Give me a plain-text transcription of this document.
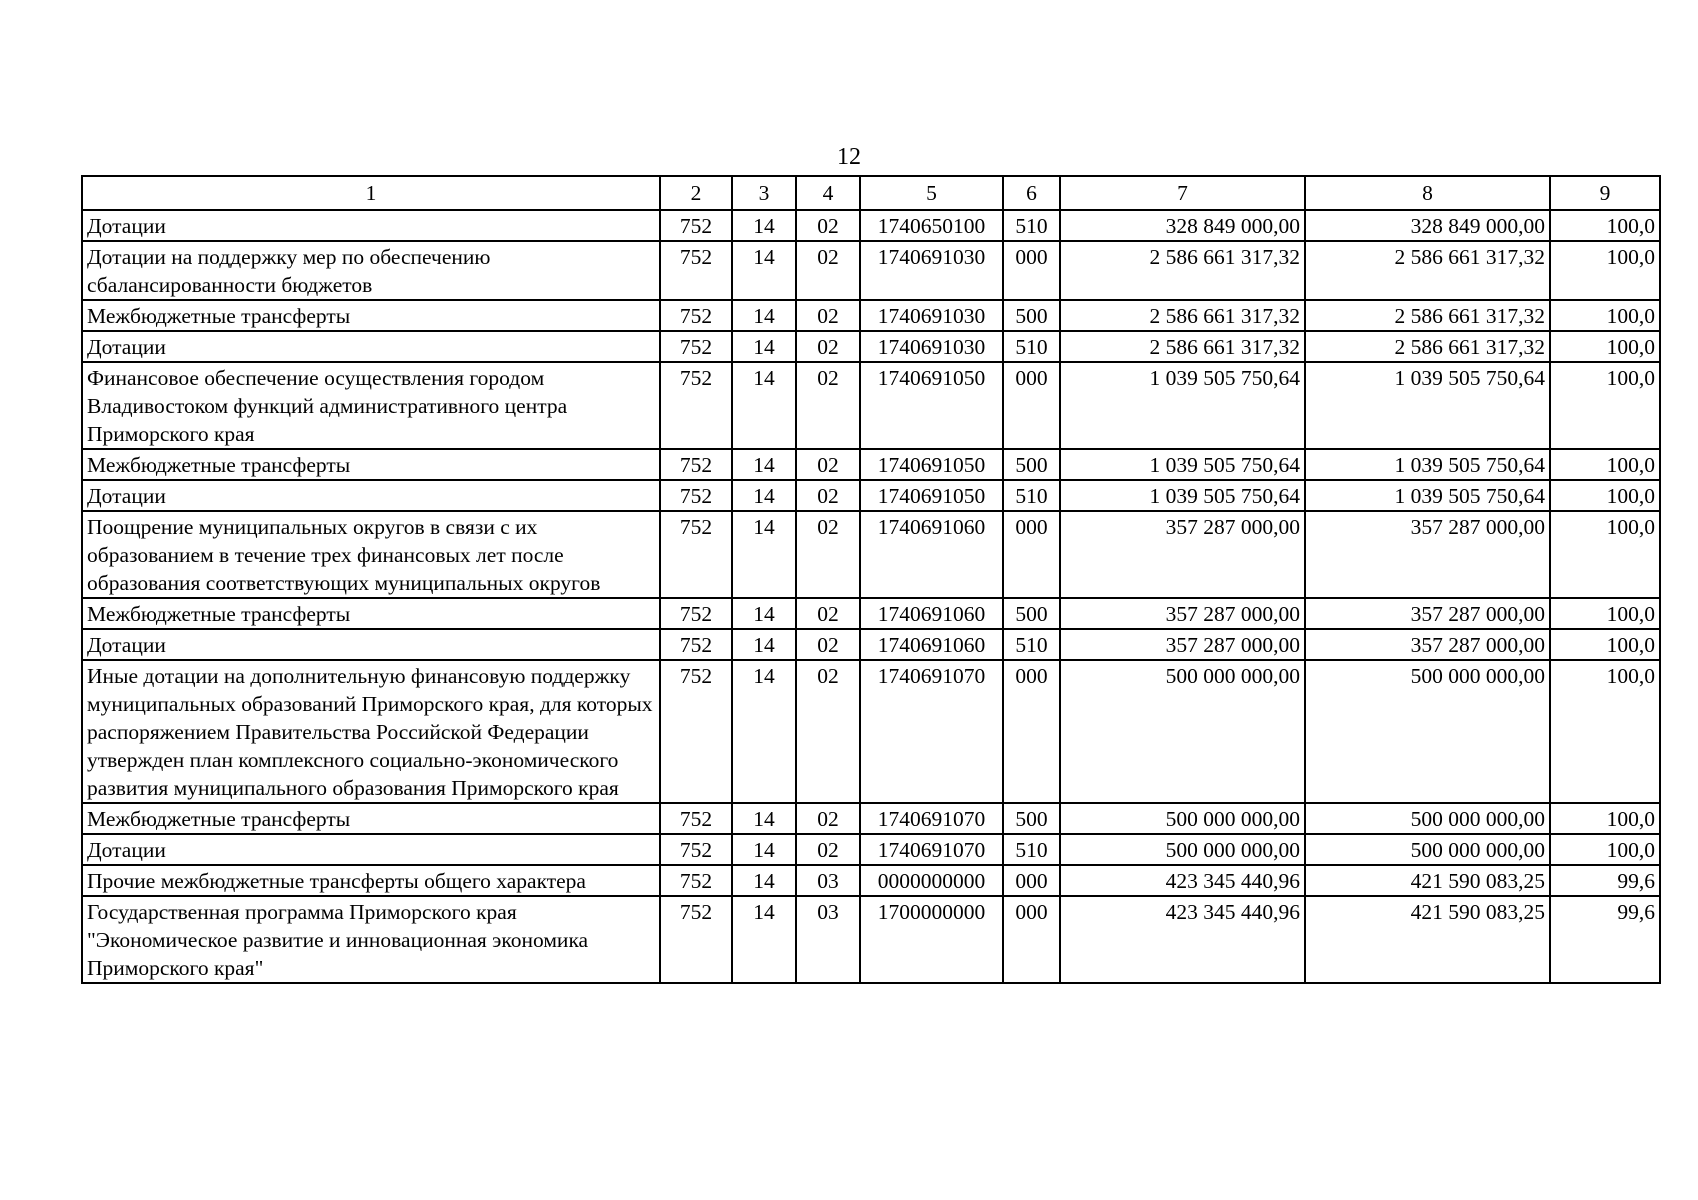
12
1	2	3	4	5	6	7	8	9
Дотации	752	14	02	1740650100	510	328 849 000,00	328 849 000,00	100,0
Дотации на поддержку мер по обеспечению сбалансированности бюджетов	752	14	02	1740691030	000	2 586 661 317,32	2 586 661 317,32	100,0
Межбюджетные трансферты	752	14	02	1740691030	500	2 586 661 317,32	2 586 661 317,32	100,0
Дотации	752	14	02	1740691030	510	2 586 661 317,32	2 586 661 317,32	100,0
Финансовое обеспечение осуществления городом Владивостоком функций административного центра Приморского края	752	14	02	1740691050	000	1 039 505 750,64	1 039 505 750,64	100,0
Межбюджетные трансферты	752	14	02	1740691050	500	1 039 505 750,64	1 039 505 750,64	100,0
Дотации	752	14	02	1740691050	510	1 039 505 750,64	1 039 505 750,64	100,0
Поощрение муниципальных округов в связи с их образованием в течение трех финансовых лет после образования соответствующих муниципальных округов	752	14	02	1740691060	000	357 287 000,00	357 287 000,00	100,0
Межбюджетные трансферты	752	14	02	1740691060	500	357 287 000,00	357 287 000,00	100,0
Дотации	752	14	02	1740691060	510	357 287 000,00	357 287 000,00	100,0
Иные дотации на дополнительную финансовую поддержку муниципальных образований Приморского края, для которых распоряжением Правительства Российской Федерации утвержден план комплексного социально-экономического развития муниципального образования Приморского края	752	14	02	1740691070	000	500 000 000,00	500 000 000,00	100,0
Межбюджетные трансферты	752	14	02	1740691070	500	500 000 000,00	500 000 000,00	100,0
Дотации	752	14	02	1740691070	510	500 000 000,00	500 000 000,00	100,0
Прочие межбюджетные трансферты общего характера	752	14	03	0000000000	000	423 345 440,96	421 590 083,25	99,6
Государственная программа Приморского края "Экономическое развитие и инновационная экономика Приморского края"	752	14	03	1700000000	000	423 345 440,96	421 590 083,25	99,6
